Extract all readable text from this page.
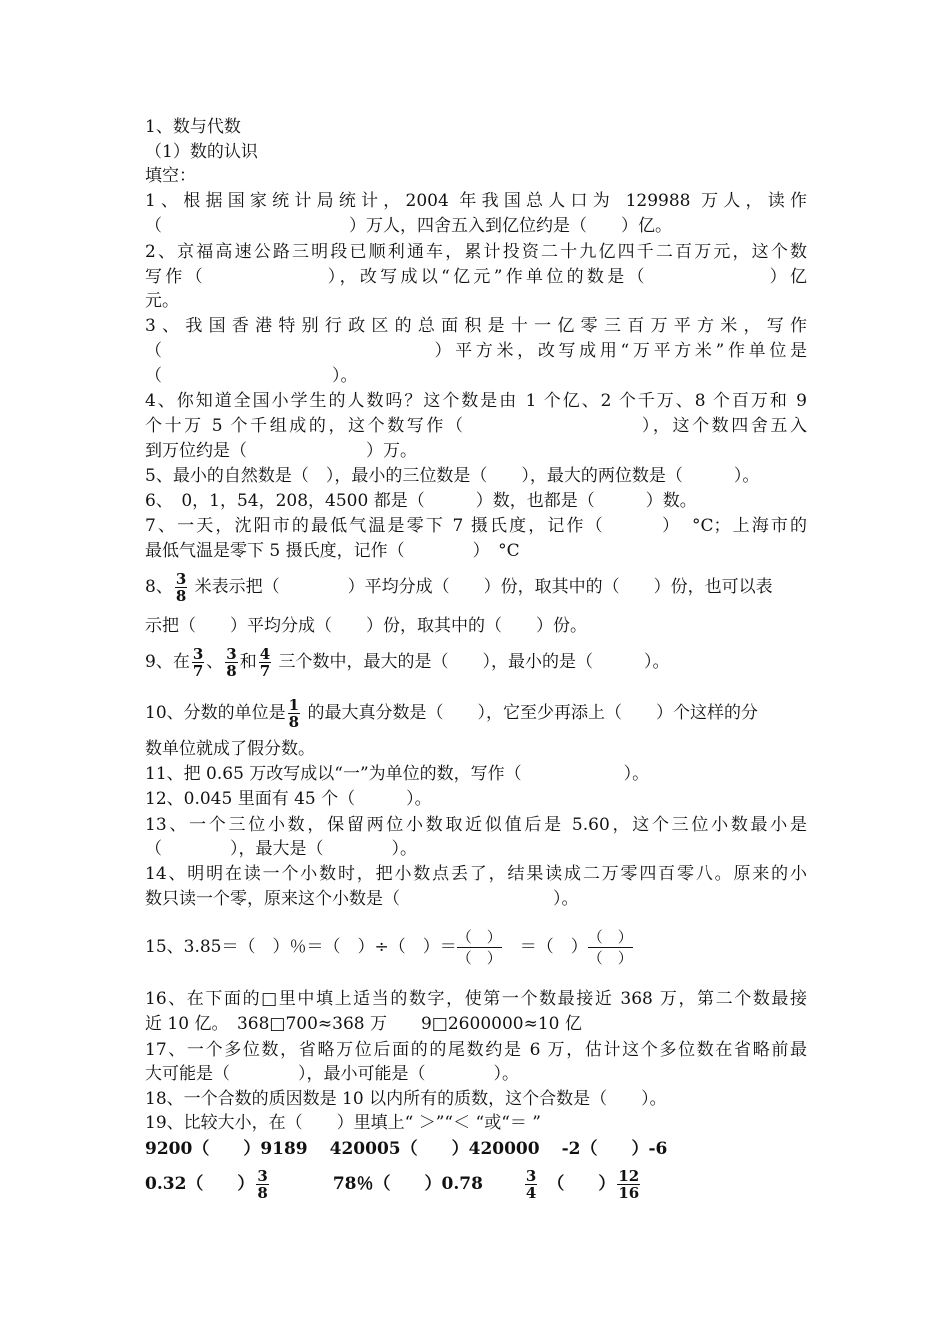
1、数与代数
（1）数的认识
填空：
1、根据国家统计局统计，2004 年我国总人口为 129988 万人，读作
（　　　　　　　　　　　）万人，四舍五入到亿位约是（　　）亿。
2、京福高速公路三明段已顺利通车，累计投资二十九亿四千二百万元，这个数
写作（　　　　　　），改写成以“亿元”作单位的数是（　　　　　　）亿
元。
3、我国香港特别行政区的总面积是十一亿零三百万平方米，写作
（　　　　　　　　　　　　　）平方米，改写成用“万平方米”作单位是
（　　　　　　　　　　）。
4、你知道全国小学生的人数吗？这个数是由 1 个亿、2 个千万、8 个百万和 9
个十万 5 个千组成的，这个数写作（　　　　　　　　　），这个数四舍五入
到万位约是（　　　　　　　）万。
5、最小的自然数是（　），最小的三位数是（　　），最大的两位数是（　　　）。
6、　0，1，54，208，4500 都是（　　　）数，也都是（　　　）数。
7、一天，沈阳市的最低气温是零下 7 摄氏度，记作（　　　）　°C；上海市的
最低气温是零下 5 摄氏度，记作（　　　　）　°C
8、 $\frac{3}{8}$ 米表示把（　　　　）平均分成（　　）份，取其中的（　　）份，也可以表
示把（　　）平均分成（　　）份，取其中的（　　）份。
9、在 $\frac{3}{7}$ 、 $\frac{3}{8}$ 和 $\frac{4}{7}$ 三个数中，最大的是（　　），最小的是（　　　）。
10、分数的单位是 $\frac{1}{8}$ 的最大真分数是（　　），它至少再添上（　　）个这样的分
数单位就成了假分数。
11、把 0.65 万改写成以“一”为单位的数，写作（　　　　　　）。
12、0.045 里面有 45 个（　　　）。
13、一个三位小数，保留两位小数取近似值后是 5.60，这个三位小数最小是
（　　　　），最大是（　　　　）。
14、明明在读一个小数时，把小数点丢了，结果读成二万零四百零八。原来的小
数只读一个零，原来这个小数是（　　　　　　　　　）。
15、3.85＝（　）％＝（　）÷（　）＝ （　）
（　）
＝（　） （　）
（　）
16、在下面的□里中填上适当的数字，使第一个数最接近 368 万，第二个数最接
近 10 亿。　368□700≈368 万　　9□2600000≈10 亿
17、一个多位数，省略万位后面的的尾数约是 6 万，估计这个多位数在省略前最
大可能是（　　　　），最小可能是（　　　　）。
18、一个合数的质因数是 10 以内所有的质数，这个合数是（　　）。
19、比较大小，在（　　）里填上“ ＞”“＜ “或“＝ ”
9200（　　）9189 420005（　　）420000 -2（　　）-6
0.32（　　） $\frac{3}{8}$	78％（　　）0.78	$\frac{3}{4}$ （　　） $\frac{12}{16}$
